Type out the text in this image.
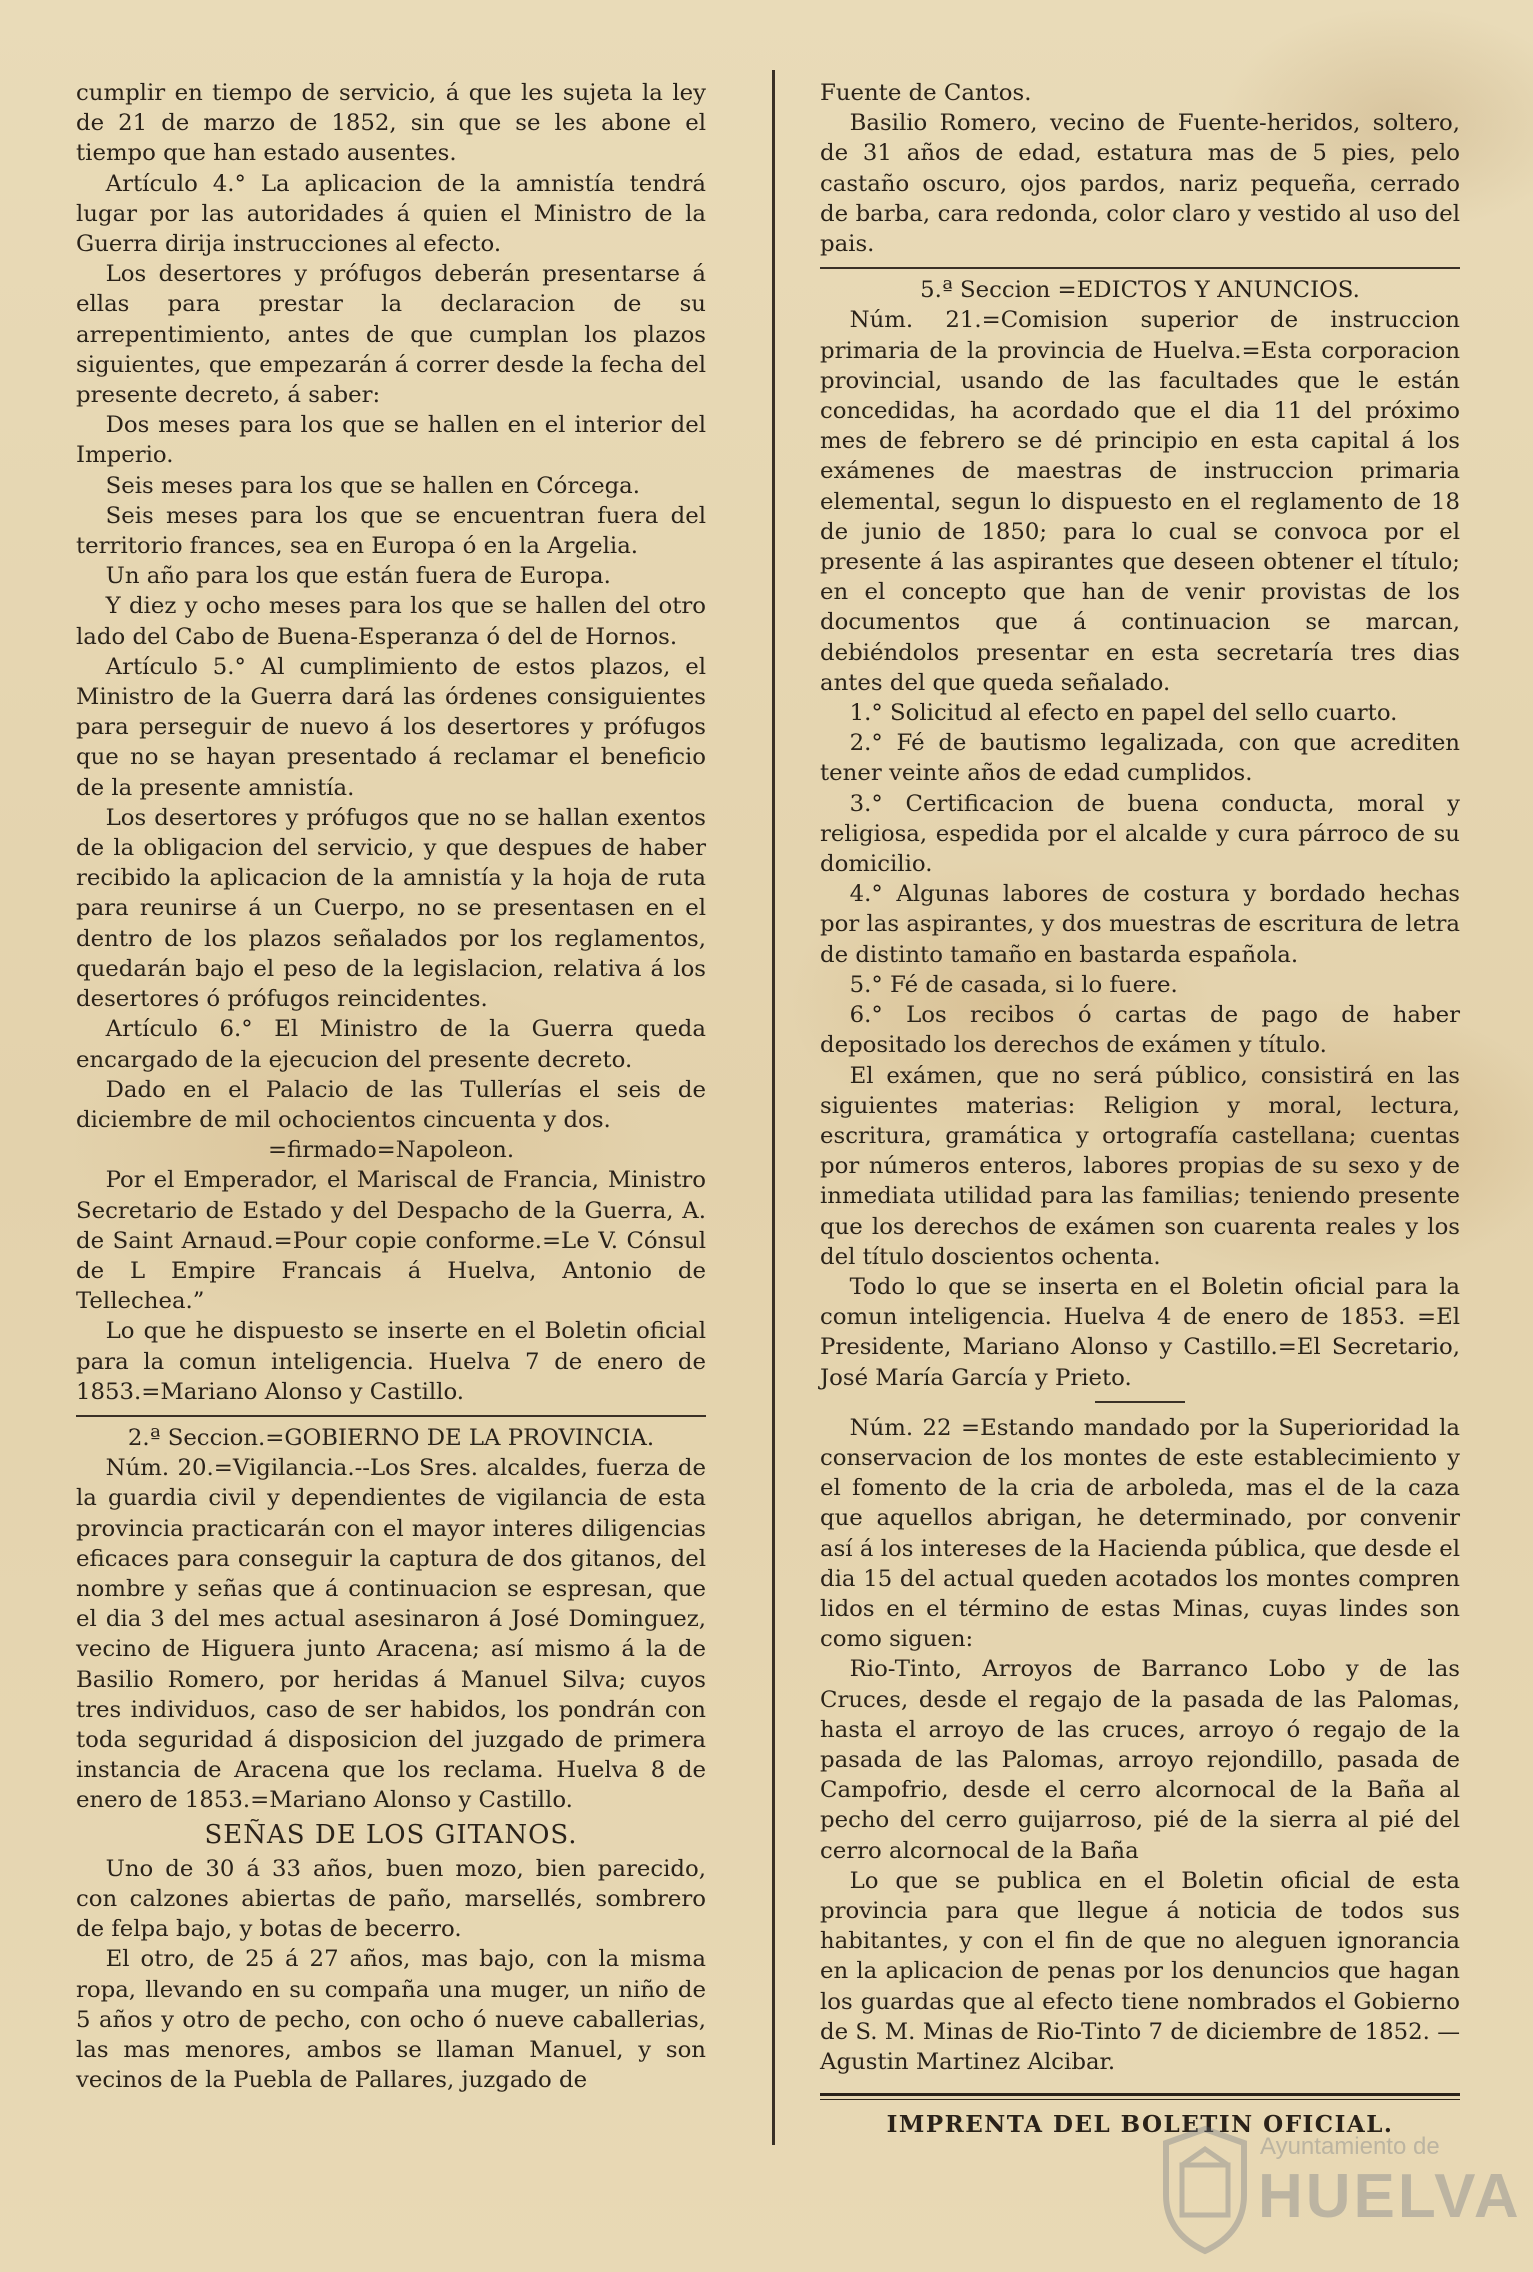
cumplir en tiempo de servicio, á que les sujeta la ley de 21 de marzo de 1852, sin que se les abone el tiempo que han estado ausentes.

Artículo 4.° La aplicacion de la amnistía tendrá lugar por las autoridades á quien el Ministro de la Guerra dirija instrucciones al efecto.

Los desertores y prófugos deberán presentarse á ellas para prestar la declaracion de su arrepentimiento, antes de que cumplan los plazos siguientes, que empezarán á correr desde la fecha del presente decreto, á saber:

Dos meses para los que se hallen en el interior del Imperio.

Seis meses para los que se hallen en Córcega.

Seis meses para los que se encuentran fuera del territorio frances, sea en Europa ó en la Argelia.

Un año para los que están fuera de Europa.

Y diez y ocho meses para los que se hallen del otro lado del Cabo de Buena-Esperanza ó del de Hornos.

Artículo 5.° Al cumplimiento de estos plazos, el Ministro de la Guerra dará las órdenes consiguientes para perseguir de nuevo á los desertores y prófugos que no se hayan presentado á reclamar el beneficio de la presente amnistía.

Los desertores y prófugos que no se hallan exentos de la obligacion del servicio, y que despues de haber recibido la aplicacion de la amnistía y la hoja de ruta para reunirse á un Cuerpo, no se presentasen en el dentro de los plazos señalados por los reglamentos, quedarán bajo el peso de la legislacion, relativa á los desertores ó prófugos reincidentes.

Artículo 6.° El Ministro de la Guerra queda encargado de la ejecucion del presente decreto.

Dado en el Palacio de las Tullerías el seis de diciembre de mil ochocientos cincuenta y dos.

=firmado=Napoleon.

Por el Emperador, el Mariscal de Francia, Ministro Secretario de Estado y del Despacho de la Guerra, A. de Saint Arnaud.=Pour copie conforme.=Le V. Cónsul de L Empire Francais á Huelva, Antonio de Tellechea.”

Lo que he dispuesto se inserte en el Boletin oficial para la comun inteligencia. Huelva 7 de enero de 1853.=Mariano Alonso y Castillo.

2.ª Seccion.=GOBIERNO DE LA PROVINCIA.

Núm. 20.=Vigilancia.--Los Sres. alcaldes, fuerza de la guardia civil y dependientes de vigilancia de esta provincia practicarán con el mayor interes diligencias eficaces para conseguir la captura de dos gitanos, del nombre y señas que á continuacion se espresan, que el dia 3 del mes actual asesinaron á José Dominguez, vecino de Higuera junto Aracena; así mismo á la de Basilio Romero, por heridas á Manuel Silva; cuyos tres individuos, caso de ser habidos, los pondrán con toda seguridad á disposicion del juzgado de primera instancia de Aracena que los reclama. Huelva 8 de enero de 1853.=Mariano Alonso y Castillo.

SEÑAS DE LOS GITANOS.

Uno de 30 á 33 años, buen mozo, bien parecido, con calzones abiertas de paño, marsellés, sombrero de felpa bajo, y botas de becerro.

El otro, de 25 á 27 años, mas bajo, con la misma ropa, llevando en su compaña una muger, un niño de 5 años y otro de pecho, con ocho ó nueve caballerias, las mas menores, ambos se llaman Manuel, y son vecinos de la Puebla de Pallares, juzgado de

Fuente de Cantos.

Basilio Romero, vecino de Fuente-heridos, soltero, de 31 años de edad, estatura mas de 5 pies, pelo castaño oscuro, ojos pardos, nariz pequeña, cerrado de barba, cara redonda, color claro y vestido al uso del pais.

5.ª Seccion =EDICTOS Y ANUNCIOS.

Núm. 21.=Comision superior de instruccion primaria de la provincia de Huelva.=Esta corporacion provincial, usando de las facultades que le están concedidas, ha acordado que el dia 11 del próximo mes de febrero se dé principio en esta capital á los exámenes de maestras de instruccion primaria elemental, segun lo dispuesto en el reglamento de 18 de junio de 1850; para lo cual se convoca por el presente á las aspirantes que deseen obtener el título; en el concepto que han de venir provistas de los documentos que á continuacion se marcan, debiéndolos presentar en esta secretaría tres dias antes del que queda señalado.

1.° Solicitud al efecto en papel del sello cuarto.

2.° Fé de bautismo legalizada, con que acrediten tener veinte años de edad cumplidos.

3.° Certificacion de buena conducta, moral y religiosa, espedida por el alcalde y cura párroco de su domicilio.

4.° Algunas labores de costura y bordado hechas por las aspirantes, y dos muestras de escritura de letra de distinto tamaño en bastarda española.

5.° Fé de casada, si lo fuere.

6.° Los recibos ó cartas de pago de haber depositado los derechos de exámen y título.

El exámen, que no será público, consistirá en las siguientes materias: Religion y moral, lectura, escritura, gramática y ortografía castellana; cuentas por números enteros, labores propias de su sexo y de inmediata utilidad para las familias; teniendo presente que los derechos de exámen son cuarenta reales y los del título doscientos ochenta.

Todo lo que se inserta en el Boletin oficial para la comun inteligencia. Huelva 4 de enero de 1853. =El Presidente, Mariano Alonso y Castillo.=El Secretario, José María García y Prieto.

Núm. 22 =Estando mandado por la Superioridad la conservacion de los montes de este establecimiento y el fomento de la cria de arboleda, mas el de la caza que aquellos abrigan, he determinado, por convenir así á los intereses de la Hacienda pública, que desde el dia 15 del actual queden acotados los montes compren lidos en el término de estas Minas, cuyas lindes son como siguen:

Rio-Tinto, Arroyos de Barranco Lobo y de las Cruces, desde el regajo de la pasada de las Palomas, hasta el arroyo de las cruces, arroyo ó regajo de la pasada de las Palomas, arroyo rejondillo, pasada de Campofrio, desde el cerro alcornocal de la Baña al pecho del cerro guijarroso, pié de la sierra al pié del cerro alcornocal de la Baña

Lo que se publica en el Boletin oficial de esta provincia para que llegue á noticia de todos sus habitantes, y con el fin de que no aleguen ignorancia en la aplicacion de penas por los denuncios que hagan los guardas que al efecto tiene nombrados el Gobierno de S. M. Minas de Rio-Tinto 7 de diciembre de 1852. —Agustin Martinez Alcibar.

IMPRENTA DEL BOLETIN OFICIAL.

Ayuntamiento de
HUELVA
